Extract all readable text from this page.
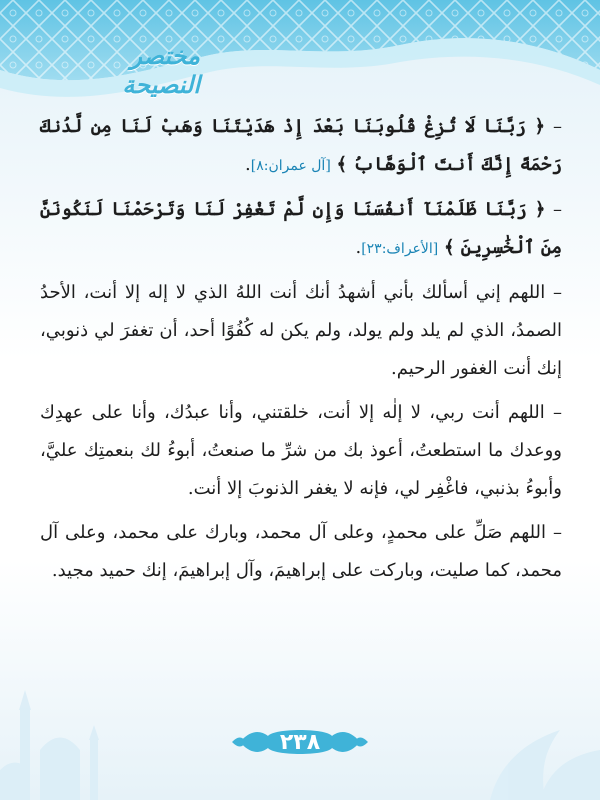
مختصر النصيحة

– ﴿ رَبَّنَا لَا تُزِغْ قُلُوبَنَا بَعْدَ إِذْ هَدَيْتَنَا وَهَبْ لَنَا مِن لَّدُنكَ رَحْمَةً إِنَّكَ أَنتَ ٱلْوَهَّابُ ﴾ [آل عمران:٨].

– ﴿ رَبَّنَا ظَلَمْنَآ أَنفُسَنَا وَإِن لَّمْ تَغْفِرْ لَنَا وَتَرْحَمْنَا لَنَكُونَنَّ مِنَ ٱلْخَٰسِرِينَ ﴾ [الأعراف:٢٣].

– اللهم إني أسألك بأني أشهدُ أنك أنت اللهُ الذي لا إله إلا أنت، الأحدُ الصمدُ، الذي لم يلد ولم يولد، ولم يكن له كُفُوًا أحد، أن تغفرَ لي ذنوبي، إنك أنت الغفور الرحيم.

– اللهم أنت ربي، لا إلٰه إلا أنت، خلقتني، وأنا عبدُك، وأنا على عهدِك ووعدك ما استطعتُ، أعوذ بك من شرِّ ما صنعتُ، أبوءُ لك بنعمتِك عليَّ، وأبوءُ بذنبي، فاغْفِر لي، فإنه لا يغفر الذنوبَ إلا أنت.

– اللهم صَلِّ على محمدٍ، وعلى آل محمد، وبارك على محمد، وعلى آل محمد، كما صليت، وباركت على إبراهيمَ، وآل إبراهيمَ، إنك حميد مجيد.

٢٣٨
